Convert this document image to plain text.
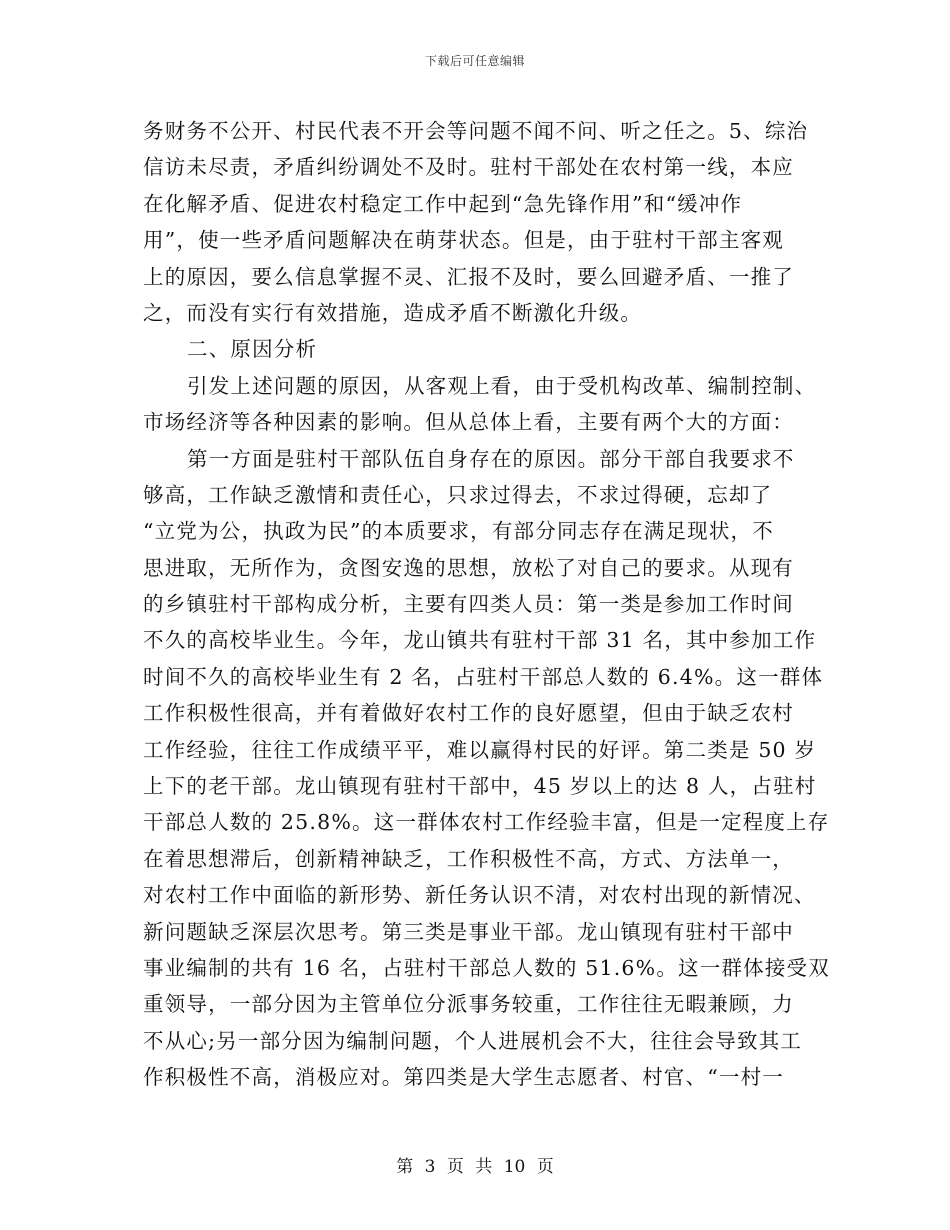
下载后可任意编辑
务财务不公开、村民代表不开会等问题不闻不问、听之任之。5、综治
信访未尽责，矛盾纠纷调处不及时。驻村干部处在农村第一线，本应
在化解矛盾、促进农村稳定工作中起到“急先锋作用”和“缓冲作
用”，使一些矛盾问题解决在萌芽状态。但是，由于驻村干部主客观
上的原因，要么信息掌握不灵、汇报不及时，要么回避矛盾、一推了
之，而没有实行有效措施，造成矛盾不断激化升级。
二、原因分析
引发上述问题的原因，从客观上看，由于受机构改革、编制控制、
市场经济等各种因素的影响。但从总体上看，主要有两个大的方面：
第一方面是驻村干部队伍自身存在的原因。部分干部自我要求不
够高，工作缺乏激情和责任心，只求过得去，不求过得硬，忘却了
“立党为公，执政为民”的本质要求，有部分同志存在满足现状，不
思进取，无所作为，贪图安逸的思想，放松了对自己的要求。从现有
的乡镇驻村干部构成分析，主要有四类人员：第一类是参加工作时间
不久的高校毕业生。今年，龙山镇共有驻村干部 31 名，其中参加工作
时间不久的高校毕业生有 2 名，占驻村干部总人数的 6.4%。这一群体
工作积极性很高，并有着做好农村工作的良好愿望，但由于缺乏农村
工作经验，往往工作成绩平平，难以赢得村民的好评。第二类是 50 岁
上下的老干部。龙山镇现有驻村干部中，45 岁以上的达 8 人，占驻村
干部总人数的 25.8%。这一群体农村工作经验丰富，但是一定程度上存
在着思想滞后，创新精神缺乏，工作积极性不高，方式、方法单一，
对农村工作中面临的新形势、新任务认识不清，对农村出现的新情况、
新问题缺乏深层次思考。第三类是事业干部。龙山镇现有驻村干部中
事业编制的共有 16 名，占驻村干部总人数的 51.6%。这一群体接受双
重领导，一部分因为主管单位分派事务较重，工作往往无暇兼顾，力
不从心;另一部分因为编制问题，个人进展机会不大，往往会导致其工
作积极性不高，消极应对。第四类是大学生志愿者、村官、“一村一
第 3 页 共 10 页
